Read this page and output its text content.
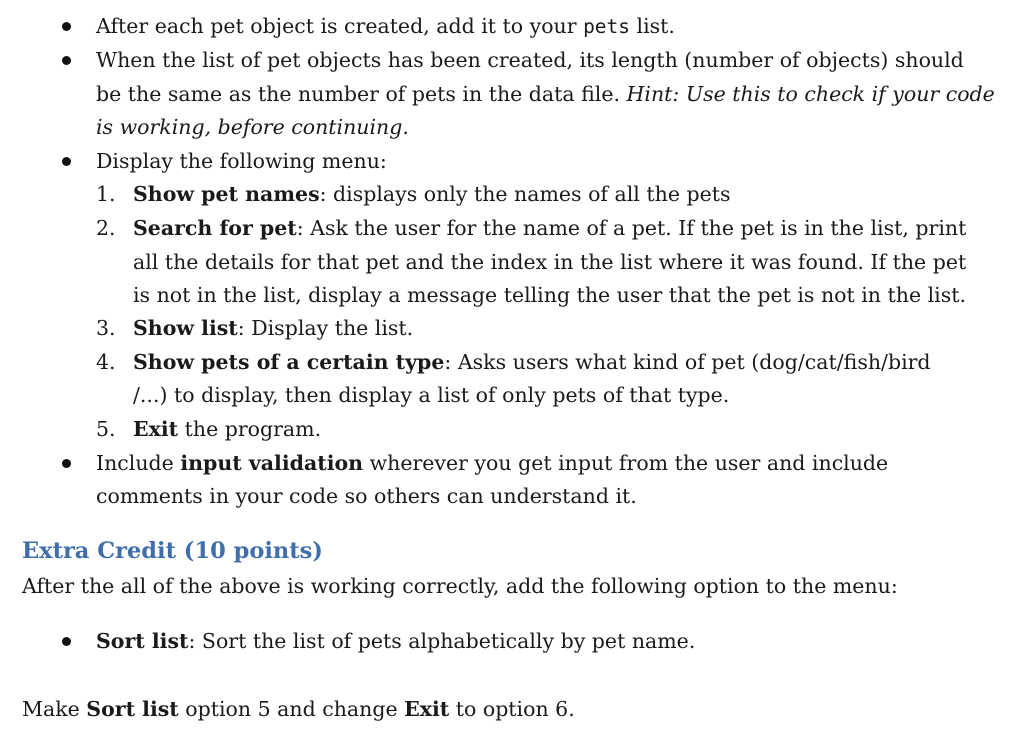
After each pet object is created, add it to your pets list.
When the list of pet objects has been created, its length (number of objects) should
be the same as the number of pets in the data file. Hint: Use this to check if your code
is working, before continuing.
Display the following menu:
1. Show pet names: displays only the names of all the pets
2. Search for pet: Ask the user for the name of a pet. If the pet is in the list, print
all the details for that pet and the index in the list where it was found. If the pet
is not in the list, display a message telling the user that the pet is not in the list.
3. Show list: Display the list.
4. Show pets of a certain type: Asks users what kind of pet (dog/cat/fish/bird
/...) to display, then display a list of only pets of that type.
5. Exit the program.
Include input validation wherever you get input from the user and include
comments in your code so others can understand it.
Extra Credit (10 points)
After the all of the above is working correctly, add the following option to the menu:
Sort list: Sort the list of pets alphabetically by pet name.
Make Sort list option 5 and change Exit to option 6.
